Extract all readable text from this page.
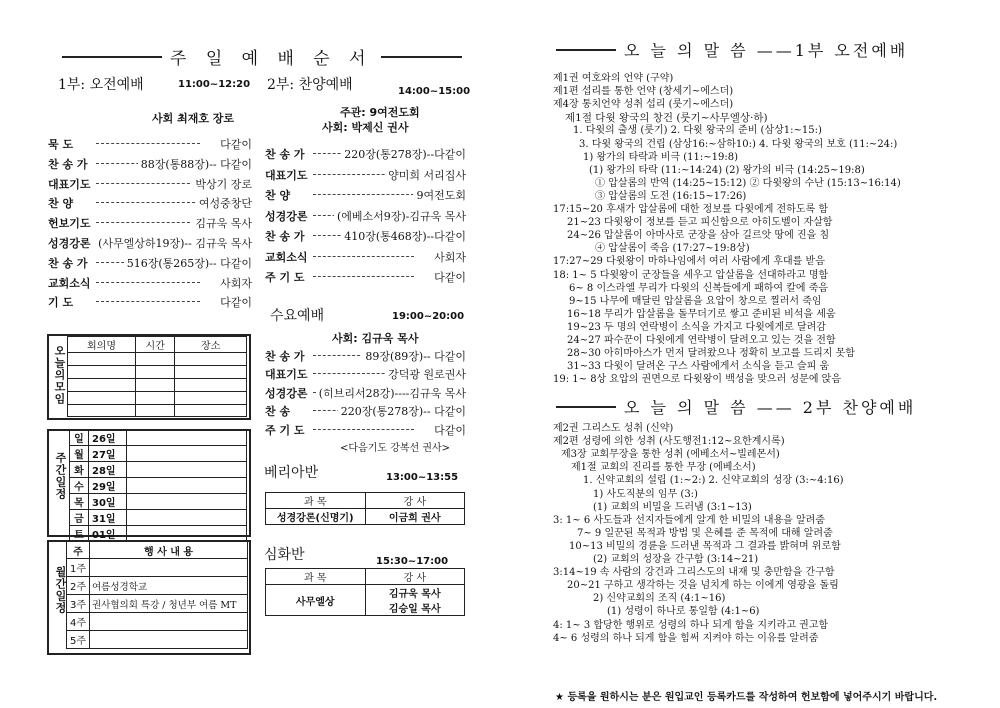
주 일 예 배 순 서
1부: 오전예배	11:00~12:20
사회 최재호 장로
묵 도	다같이
찬 송 가	88장(통88장)-- 다같이
대표기도	박상기 장로
찬 양	여성중창단
헌보기도	김규욱 목사
성경강론 (사무엘상하19장)-- 김규욱 목사
찬 송 가	516장(통265장)-- 다같이
교회소식	사회자
기 도	다같이
2부: 찬양예배	14:00~15:00
주관: 9여전도회
사회: 박제신 권사
찬 송 가	220장(통278장)--다같이
대표기도	양미희 서리집사
찬 양	9여전도회
성경강론	(에베소서9장)-김규욱 목사
찬 송 가	410장(통468장)--다같이
교회소식	사회자
주 기 도	다같이
수요예배	19:00~20:00
사회: 김규욱 목사
찬 송 가	89장(89장)-- 다같이
대표기도	강덕광 원로권사
성경강론 (히브리서28강)----김규욱 목사
찬 송	220장(통278장)-- 다같이
주 기 도	다같이
<다음기도 강복선 권사>
베리아반	13:00~13:55
과 목	강 사
성경강론(신명기)	이금희 권사
심화반	15:30~17:00
과 목	강 사
사무엘상	김규욱 목사
김승일 목사
오늘의모임 회의명	시간	장소

주간일정
일	26일	
월	27일	
화	28일	
수	29일	
목	30일	
금	31일	
토	01일	
월간일정
주	행 사 내 용
1주	
2주	여름성경학교
3주	권사협의회 특강 / 청년부 여름 MT
4주	
5주	
오 늘 의 말 씀 ——1부 오전예배
제1권 여호와의 언약 (구약)
제1편 섭리를 통한 언약 (창세기~에스더)
제4장 통치언약 성취 섭리 (룻기~에스더)
제1절 다윗 왕국의 창건 (룻기~사무엘상·하)
1. 다윗의 출생 (룻기) 2. 다윗 왕국의 준비 (삼상1:~15:)
3. 다윗 왕국의 건립 (삼상16:~삼하10:) 4. 다윗 왕국의 보호 (11:~24:)
1) 왕가의 타락과 비극 (11:~19:8)
(1) 왕가의 타락 (11:~14:24) (2) 왕가의 비극 (14:25~19:8)
① 압살롬의 반역 (14:25~15:12) ② 다윗왕의 수난 (15:13~16:14)
③ 압살롬의 도전 (16:15~17:26)
17:15~20 후새가 압살롬에 대한 정보를 다윗에게 전하도록 함
21~23 다윗왕이 정보를 듣고 피신함으로 아히도벨이 자살함
24~26 압살롬이 아마사로 군장을 삼아 길르앗 땅에 진을 침
④ 압살롬이 죽음 (17:27~19:8상)
17:27~29 다윗왕이 마하나임에서 여러 사람에게 후대를 받음
18: 1~ 5 다윗왕이 군장들을 세우고 압살롬을 선대하라고 명함
6~ 8 이스라엘 무리가 다윗의 신복들에게 패하여 칼에 죽음
9~15 나무에 매달린 압살롬을 요압이 창으로 찔러서 죽임
16~18 무리가 압살롬을 돌무더기로 쌓고 준비된 비석을 세움
19~23 두 명의 연락병이 소식을 가지고 다윗에게로 달려감
24~27 파수꾼이 다윗에게 연락병이 달려오고 있는 것을 전함
28~30 아히마아스가 먼저 달려왔으나 정확히 보고를 드리지 못함
31~33 다윗이 달려온 구스 사람에게서 소식을 듣고 슬피 움
19: 1~ 8상 요압의 권면으로 다윗왕이 백성을 맞으러 성문에 앉음
오 늘 의 말 씀 —— 2부 찬양예배
제2권 그리스도 성취 (신약)
제2편 성령에 의한 성취 (사도행전1:12~요한계시록)
제3장 교회무장을 통한 성취 (에베소서~빌레몬서)
제1절 교회의 진리를 통한 무장 (에베소서)
1. 신약교회의 설립 (1:~2:) 2. 신약교회의 성장 (3:~4:16)
1) 사도직분의 임무 (3:)
(1) 교회의 비밀을 드러냄 (3:1~13)
3: 1~ 6 사도들과 선지자들에게 알게 한 비밀의 내용을 알려줌
7~ 9 일꾼된 목적과 방법 및 은혜를 준 목적에 대해 알려줌
10~13 비밀의 경륜을 드러낸 목적과 그 결과를 밝혀며 위로함
(2) 교회의 성장을 간구함 (3:14~21)
3:14~19 속 사람의 강건과 그리스도의 내재 및 충만함을 간구함
20~21 구하고 생각하는 것을 넘치게 하는 이에게 영광을 돌림
2) 신약교회의 조직 (4:1~16)
(1) 성령이 하나로 통일함 (4:1~6)
4: 1~ 3 합당한 행위로 성령의 하나 되게 함을 지키라고 권고함
4~ 6 성령의 하나 되게 함을 힘써 지켜야 하는 이유를 알려줌
★ 등록을 원하시는 분은 원입교인 등록카드를 작성하여 헌보함에 넣어주시기 바랍니다.
